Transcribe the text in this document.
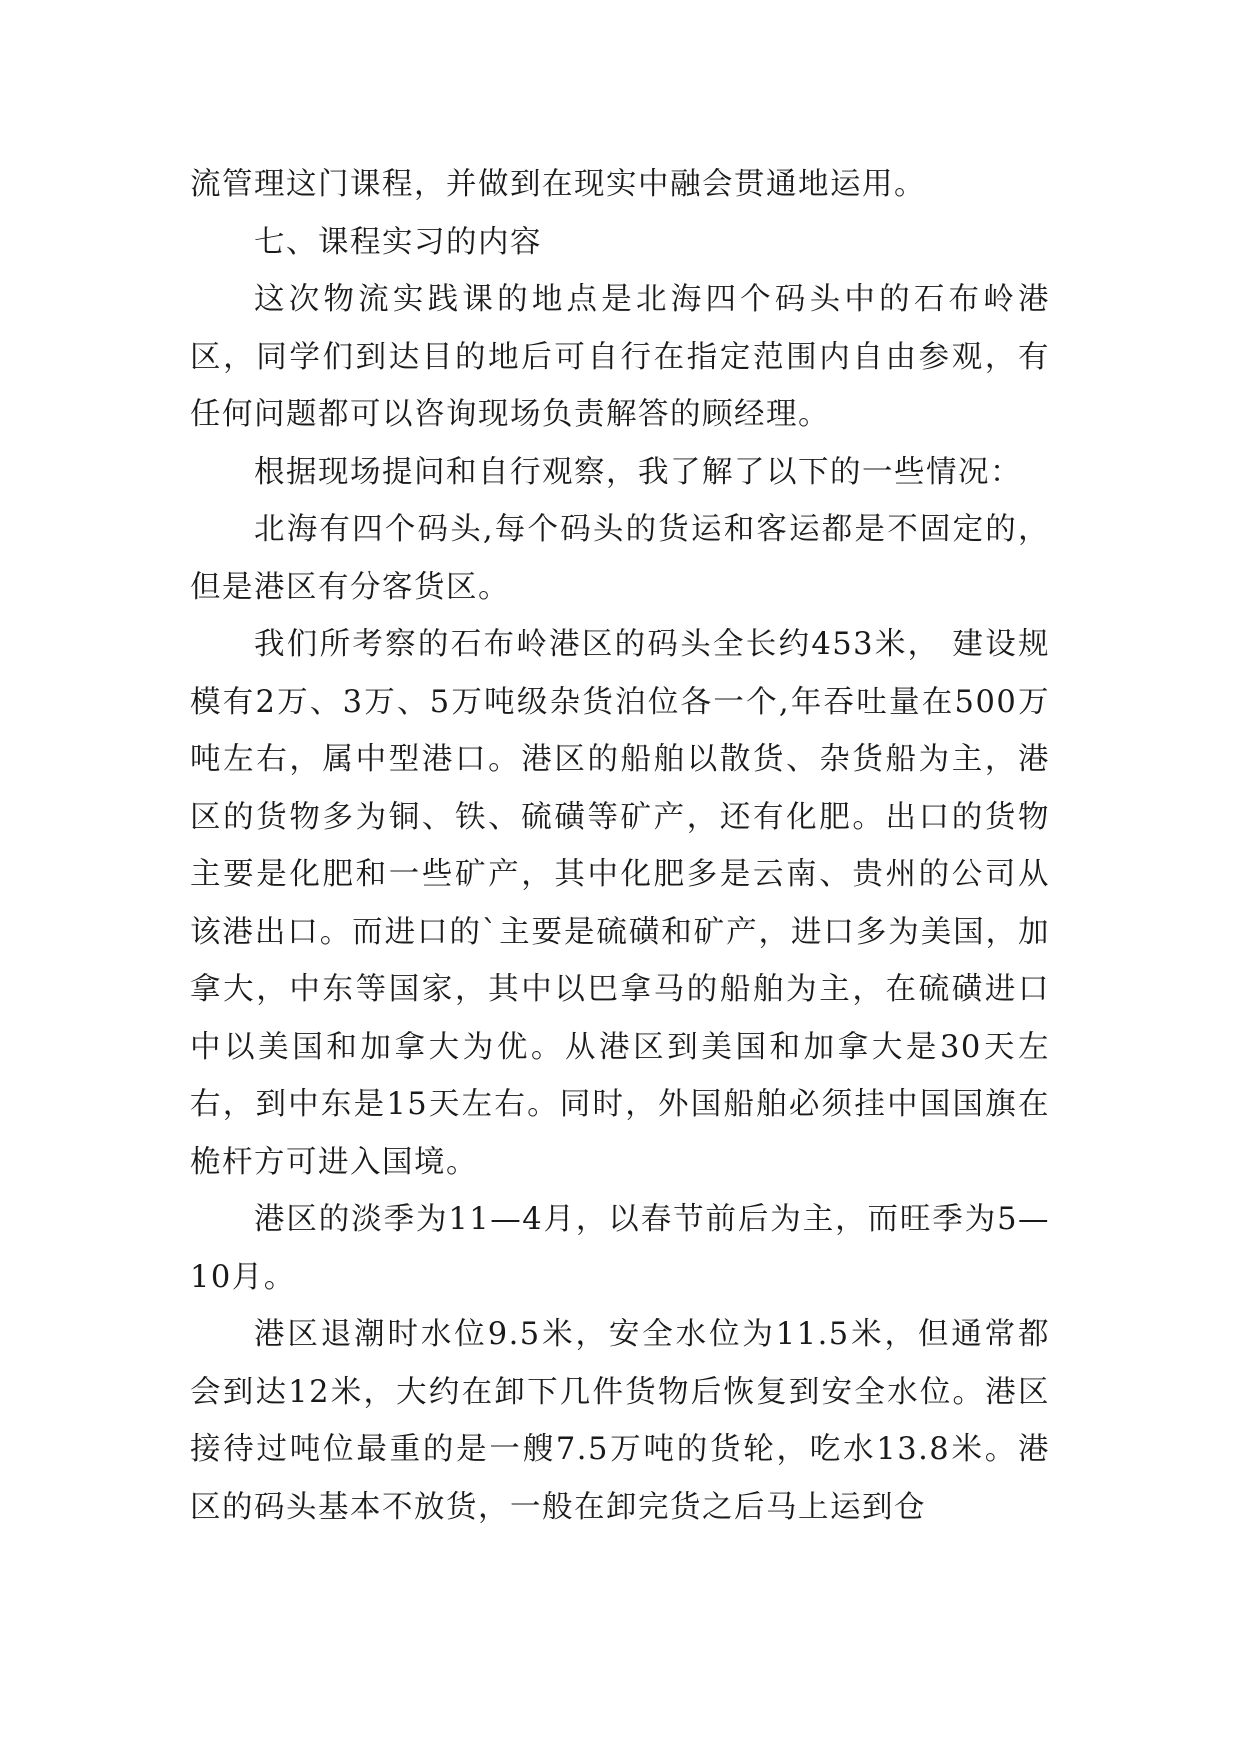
流管理这门课程，并做到在现实中融会贯通地运用。

七、课程实习的内容

这次物流实践课的地点是北海四个码头中的石布岭港区，同学们到达目的地后可自行在指定范围内自由参观，有任何问题都可以咨询现场负责解答的顾经理。

根据现场提问和自行观察，我了解了以下的一些情况：

北海有四个码头,每个码头的货运和客运都是不固定的，但是港区有分客货区。

我们所考察的石布岭港区的码头全长约453米， 建设规模有2万、3万、5万吨级杂货泊位各一个,年吞吐量在500万吨左右，属中型港口。港区的船舶以散货、杂货船为主，港区的货物多为铜、铁、硫磺等矿产，还有化肥。出口的货物主要是化肥和一些矿产，其中化肥多是云南、贵州的公司从该港出口。而进口的`主要是硫磺和矿产，进口多为美国，加拿大，中东等国家，其中以巴拿马的船舶为主，在硫磺进口中以美国和加拿大为优。从港区到美国和加拿大是30天左右，到中东是15天左右。同时，外国船舶必须挂中国国旗在桅杆方可进入国境。

港区的淡季为11—4月，以春节前后为主，而旺季为5—10月。

港区退潮时水位9.5米，安全水位为11.5米，但通常都会到达12米，大约在卸下几件货物后恢复到安全水位。港区接待过吨位最重的是一艘7.5万吨的货轮，吃水13.8米。港区的码头基本不放货，一般在卸完货之后马上运到仓
